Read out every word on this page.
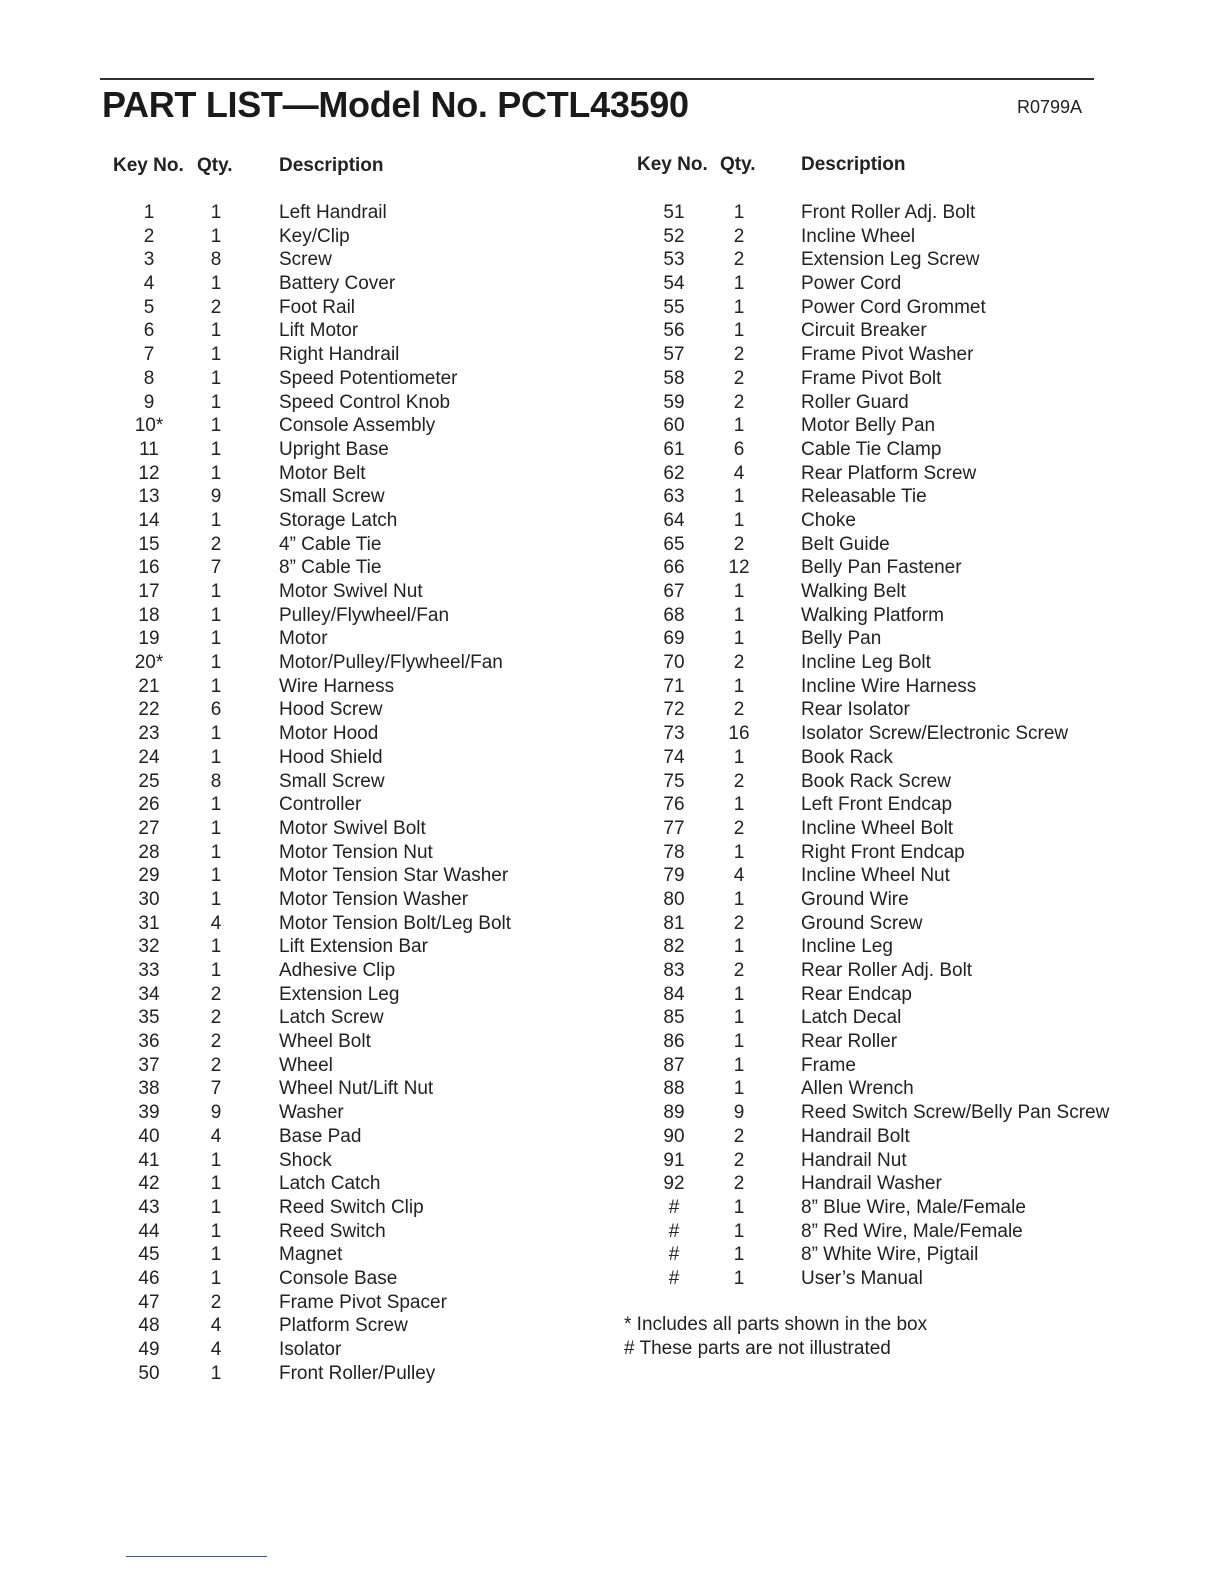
PART LIST—Model No. PCTL43590	R0799A
Key No. Qty. Description	Key No. Qty. Description
1	1	Left Handrail
2	1	Key/Clip
3	8	Screw
4	1	Battery Cover
5	2	Foot Rail
6	1	Lift Motor
7	1	Right Handrail
8	1	Speed Potentiometer
9	1	Speed Control Knob
10*	1	Console Assembly
11	1	Upright Base
12	1	Motor Belt
13	9	Small Screw
14	1	Storage Latch
15	2	4” Cable Tie
16	7	8” Cable Tie
17	1	Motor Swivel Nut
18	1	Pulley/Flywheel/Fan
19	1	Motor
20*	1	Motor/Pulley/Flywheel/Fan
21	1	Wire Harness
22	6	Hood Screw
23	1	Motor Hood
24	1	Hood Shield
25	8	Small Screw
26	1	Controller
27	1	Motor Swivel Bolt
28	1	Motor Tension Nut
29	1	Motor Tension Star Washer
30	1	Motor Tension Washer
31	4	Motor Tension Bolt/Leg Bolt
32	1	Lift Extension Bar
33	1	Adhesive Clip
34	2	Extension Leg
35	2	Latch Screw
36	2	Wheel Bolt
37	2	Wheel
38	7	Wheel Nut/Lift Nut
39	9	Washer
40	4	Base Pad
41	1	Shock
42	1	Latch Catch
43	1	Reed Switch Clip
44	1	Reed Switch
45	1	Magnet
46	1	Console Base
47	2	Frame Pivot Spacer
48	4	Platform Screw
49	4	Isolator
50	1	Front Roller/Pulley
51	1	Front Roller Adj. Bolt
52	2	Incline Wheel
53	2	Extension Leg Screw
54	1	Power Cord
55	1	Power Cord Grommet
56	1	Circuit Breaker
57	2	Frame Pivot Washer
58	2	Frame Pivot Bolt
59	2	Roller Guard
60	1	Motor Belly Pan
61	6	Cable Tie Clamp
62	4	Rear Platform Screw
63	1	Releasable Tie
64	1	Choke
65	2	Belt Guide
66	12	Belly Pan Fastener
67	1	Walking Belt
68	1	Walking Platform
69	1	Belly Pan
70	2	Incline Leg Bolt
71	1	Incline Wire Harness
72	2	Rear Isolator
73	16	Isolator Screw/Electronic Screw
74	1	Book Rack
75	2	Book Rack Screw
76	1	Left Front Endcap
77	2	Incline Wheel Bolt
78	1	Right Front Endcap
79	4	Incline Wheel Nut
80	1	Ground Wire
81	2	Ground Screw
82	1	Incline Leg
83	2	Rear Roller Adj. Bolt
84	1	Rear Endcap
85	1	Latch Decal
86	1	Rear Roller
87	1	Frame
88	1	Allen Wrench
89	9	Reed Switch Screw/Belly Pan Screw
90	2	Handrail Bolt
91	2	Handrail Nut
92	2	Handrail Washer
#	1	8” Blue Wire, Male/Female
#	1	8” Red Wire, Male/Female
#	1	8” White Wire, Pigtail
#	1	User’s Manual
* Includes all parts shown in the box
# These parts are not illustrated
